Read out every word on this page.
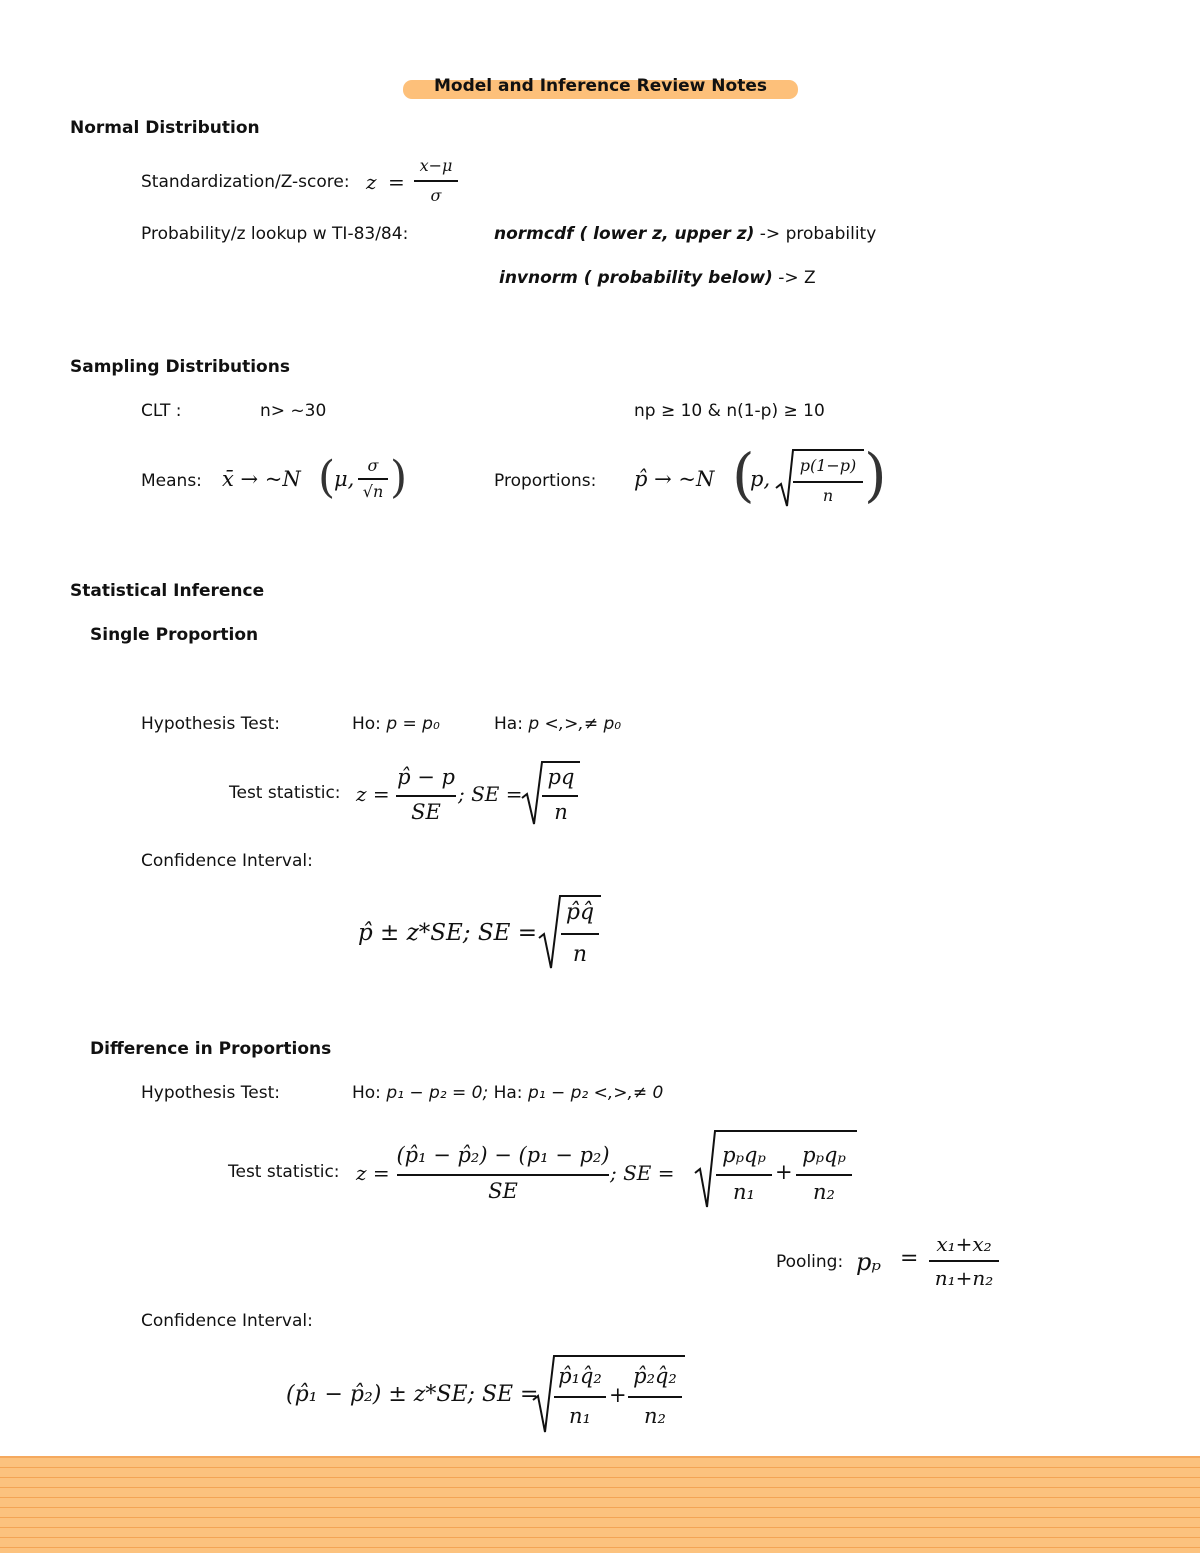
Model and Inference Review Notes
Normal Distribution
Standardization/Z-score: z =
x−μ
σ
Probability/z lookup w TI-83/84:	normcdf ( lower z, upper z) -> probability
invnorm ( probability below) -> Z
Sampling Distributions
CLT :	n> ~30	np ≥ 10 & n(1-p) ≥ 10
Means: x̄ → ~N (
μ,
σ
√n )	Proportions: p̂ → ~N (
p,
p(1−p)
n )
Statistical Inference
Single Proportion
Hypothesis Test:	Ho: p = p₀	Ha: p <,>,≠ p₀
Test statistic: z =
p̂ − p
SE
; SE =
pq
n
Confidence Interval:
p̂ ± z*SE; SE =
p̂q̂
n
Difference in Proportions
Hypothesis Test:	Ho: p₁ − p₂ = 0; Ha: p₁ − p₂ <,>,≠ 0
Test statistic: z =
(p̂₁ − p̂₂) − (p₁ − p₂)
SE
; SE =
pₚqₚ
n₁
+
pₚqₚ
n₂
Pooling: pₚ =
x₁+x₂
n₁+n₂
Confidence Interval:
(p̂₁ − p̂₂) ± z*SE; SE =
p̂₁q̂₂
n₁
+
p̂₂q̂₂
n₂
